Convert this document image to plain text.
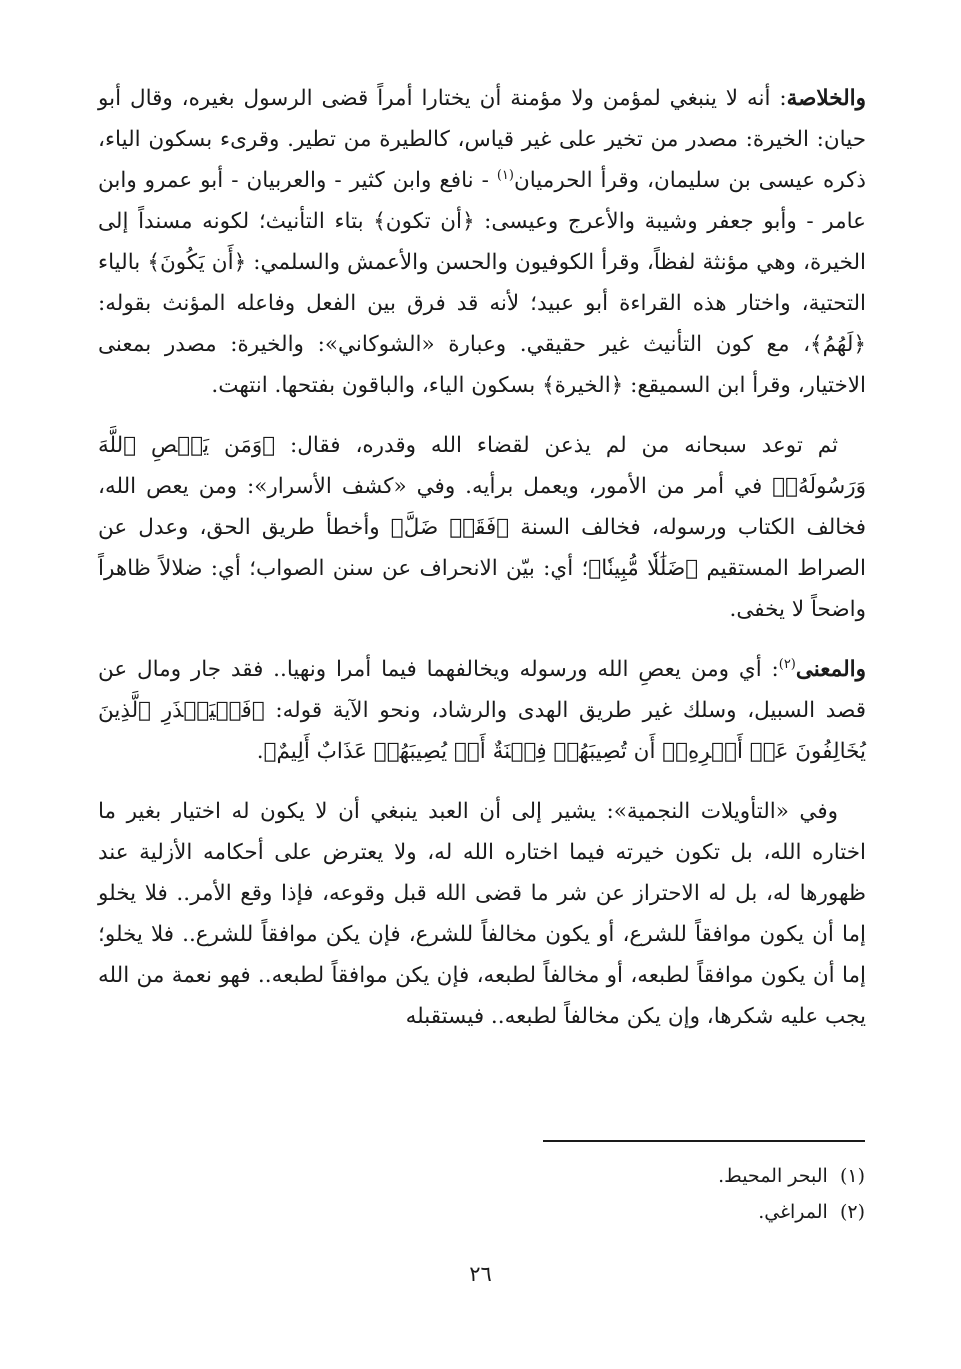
والخلاصة: أنه لا ينبغي لمؤمن ولا مؤمنة أن يختارا أمراً قضى الرسول بغيره، وقال أبو حيان: الخيرة: مصدر من تخير على غير قياس، كالطيرة من تطير. وقرىء بسكون الياء، ذكره عيسى بن سليمان، وقرأ الحرميان$^{(١)}$ - نافع وابن كثير - والعربيان - أبو عمرو وابن عامر - وأبو جعفر وشيبة والأعرج وعيسى: ﴿أن تكون﴾ بتاء التأنيث؛ لكونه مسنداً إلى الخيرة، وهي مؤنثة لفظاً، وقرأ الكوفيون والحسن والأعمش والسلمي: ﴿أَن يَكُونَ﴾ بالياء التحتية، واختار هذه القراءة أبو عبيد؛ لأنه قد فرق بين الفعل وفاعله المؤنث بقوله: ﴿لَهُمُ﴾، مع كون التأنيث غير حقيقي. وعبارة «الشوكاني»: والخيرة: مصدر بمعنى الاختيار، وقرأ ابن السميقع: ﴿الخيرة﴾ بسكون الياء، والباقون بفتحها. انتهت.

ثم توعد سبحانه من لم يذعن لقضاء الله وقدره، فقال: ﴿وَمَن يَعۡصِ ٱللَّهَ وَرَسُولَهُۥ﴾ في أمر من الأمور، ويعمل برأيه. وفي «كشف الأسرار»: ومن يعص الله، فخالف الكتاب ورسوله، فخالف السنة ﴿فَقَدۡ ضَلَّ﴾ وأخطأ طريق الحق، وعدل عن الصراط المستقيم ﴿ضَلَٰلٗا مُّبِينٗا﴾؛ أي: بيّن الانحراف عن سنن الصواب؛ أي: ضلالاً ظاهراً واضحاً لا يخفى.

والمعنى$^{(٢)}$: أي ومن يعصِ الله ورسوله ويخالفهما فيما أمرا ونهيا.. فقد جار ومال عن قصد السبيل، وسلك غير طريق الهدى والرشاد، ونحو الآية قوله: ﴿فَلۡيَحۡذَرِ ٱلَّذِينَ يُخَالِفُونَ عَنۡ أَمۡرِهِۦٓ أَن تُصِيبَهُمۡ فِتۡنَةٌ أَوۡ يُصِيبَهُمۡ عَذَابٌ أَلِيمٌ﴾.

وفي «التأويلات النجمية»: يشير إلى أن العبد ينبغي أن لا يكون له اختيار بغير ما اختاره الله، بل تكون خيرته فيما اختاره الله له، ولا يعترض على أحكامه الأزلية عند ظهورها له، بل له الاحتراز عن شر ما قضى الله قبل وقوعه، فإذا وقع الأمر.. فلا يخلو إما أن يكون موافقاً للشرع، أو يكون مخالفاً للشرع، فإن يكن موافقاً للشرع.. فلا يخلو؛ إما أن يكون موافقاً لطبعه، أو مخالفاً لطبعه، فإن يكن موافقاً لطبعه.. فهو نعمة من الله يجب عليه شكرها، وإن يكن مخالفاً لطبعه.. فيستقبله

(١)  البحر المحيط.

(٢)  المراغي.

٢٦
